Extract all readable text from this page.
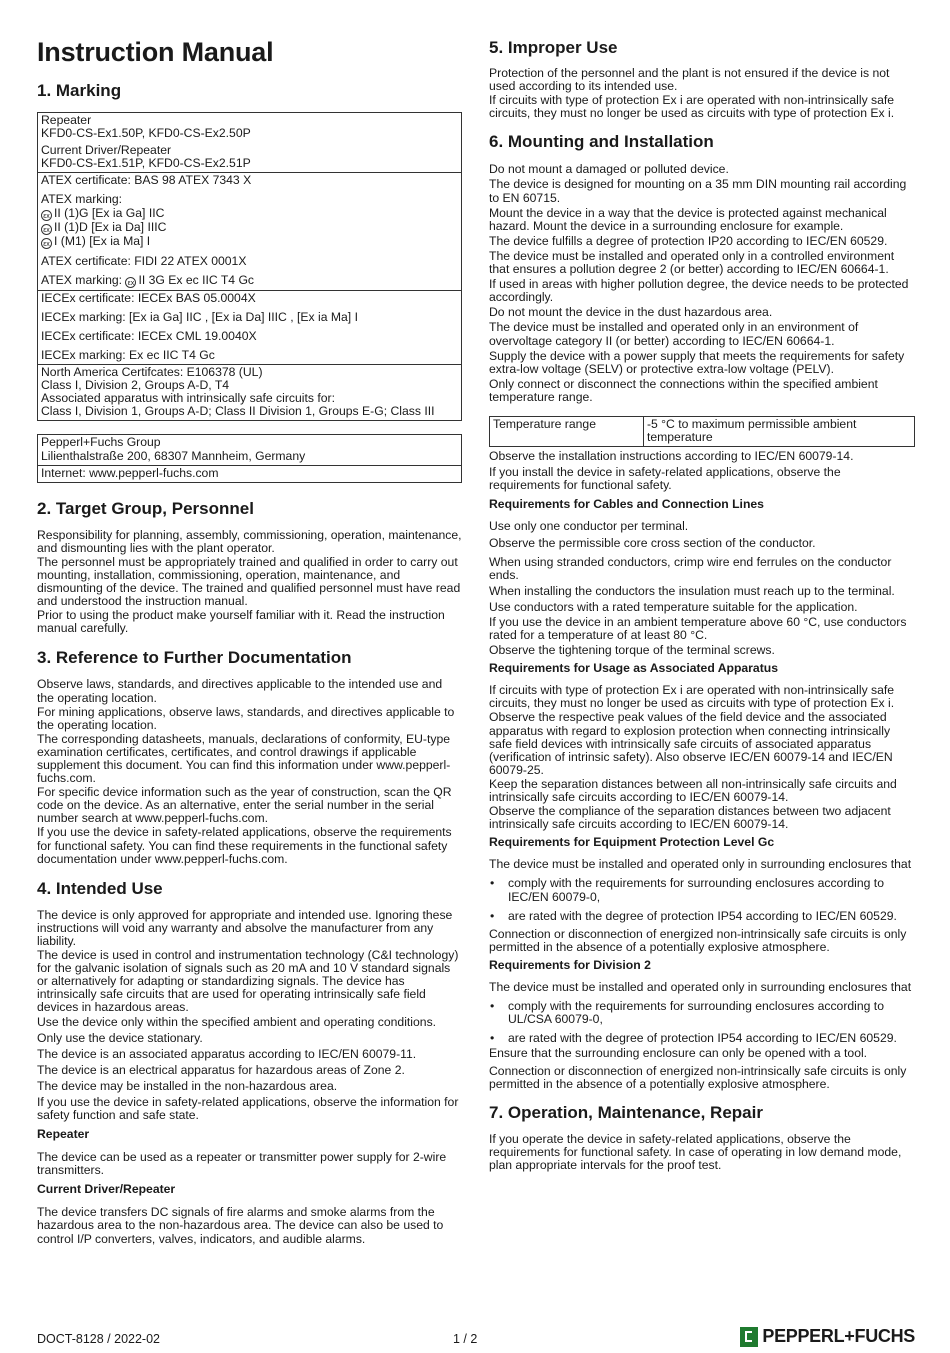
Instruction Manual
1. Marking

Repeater

KFD0-CS-Ex1.50P, KFD0-CS-Ex2.50P

Current Driver/Repeater

KFD0-CS-Ex1.51P, KFD0-CS-Ex2.51P

ATEX certificate: BAS 98 ATEX 7343 X

ATEX marking:

εx II (1)G [Ex ia Ga] IIC

εx II (1)D [Ex ia Da] IIIC

εx I (M1) [Ex ia Ma] I

ATEX certificate: FIDI 22 ATEX 0001X

ATEX marking: εx II 3G Ex ec IIC T4 Gc

IECEx certificate: IECEx BAS 05.0004X

IECEx marking: [Ex ia Ga] IIC , [Ex ia Da] IIIC , [Ex ia Ma] I

IECEx certificate: IECEx CML 19.0040X

IECEx marking: Ex ec IIC T4 Gc

North America Certifcates: E106378 (UL)

Class I, Division 2, Groups A-D, T4

Associated apparatus with intrinsically safe circuits for:

Class I, Division 1, Groups A-D; Class II Division 1, Groups E-G; Class III

Pepperl+Fuchs Group

Lilienthalstraße 200, 68307 Mannheim, Germany

Internet: www.pepperl-fuchs.com

2. Target Group, Personnel

Responsibility for planning, assembly, commissioning, operation, maintenance, and dismounting lies with the plant operator.

The personnel must be appropriately trained and qualified in order to carry out mounting, installation, commissioning, operation, maintenance, and dismounting of the device. The trained and qualified personnel must have read and understood the instruction manual.

Prior to using the product make yourself familiar with it. Read the instruction manual carefully.

3. Reference to Further Documentation

Observe laws, standards, and directives applicable to the intended use and the operating location.

For mining applications, observe laws, standards, and directives applicable to the operating location.

The corresponding datasheets, manuals, declarations of conformity, EU-type examination certificates, certificates, and control drawings if applicable supplement this document. You can find this information under www.pepperl-fuchs.com.

For specific device information such as the year of construction, scan the QR code on the device. As an alternative, enter the serial number in the serial number search at www.pepperl-fuchs.com.

If you use the device in safety-related applications, observe the requirements for functional safety. You can find these requirements in the functional safety documentation under www.pepperl-fuchs.com.

4. Intended Use

The device is only approved for appropriate and intended use. Ignoring these instructions will void any warranty and absolve the manufacturer from any liability.

The device is used in control and instrumentation technology (C&I technology) for the galvanic isolation of signals such as 20 mA and 10 V standard signals or alternatively for adapting or standardizing signals. The device has intrinsically safe circuits that are used for operating intrinsically safe field devices in hazardous areas.

Use the device only within the specified ambient and operating conditions.

Only use the device stationary.

The device is an associated apparatus according to IEC/EN 60079-11.

The device is an electrical apparatus for hazardous areas of Zone 2.

The device may be installed in the non-hazardous area.

If you use the device in safety-related applications, observe the information for safety function and safe state.

Repeater

The device can be used as a repeater or transmitter power supply for 2-wire transmitters.

Current Driver/Repeater

The device transfers DC signals of fire alarms and smoke alarms from the hazardous area to the non-hazardous area. The device can also be used to control I/P converters, valves, indicators, and audible alarms.

5. Improper Use

Protection of the personnel and the plant is not ensured if the device is not used according to its intended use.

If circuits with type of protection Ex i are operated with non-intrinsically safe circuits, they must no longer be used as circuits with type of protection Ex i.

6. Mounting and Installation

Do not mount a damaged or polluted device.

The device is designed for mounting on a 35 mm DIN mounting rail according to EN 60715.

Mount the device in a way that the device is protected against mechanical hazard. Mount the device in a surrounding enclosure for example.

The device fulfills a degree of protection IP20 according to IEC/EN 60529.

The device must be installed and operated only in a controlled environment that ensures a pollution degree 2 (or better) according to IEC/EN 60664-1.

If used in areas with higher pollution degree, the device needs to be protected accordingly.

Do not mount the device in the dust hazardous area.

The device must be installed and operated only in an environment of overvoltage category II (or better) according to IEC/EN 60664-1.

Supply the device with a power supply that meets the requirements for safety extra-low voltage (SELV) or protective extra-low voltage (PELV).

Only connect or disconnect the connections within the specified ambient temperature range.

Temperature range	-5 °C to maximum permissible ambient temperature

Observe the installation instructions according to IEC/EN 60079-14.

If you install the device in safety-related applications, observe the requirements for functional safety.

Requirements for Cables and Connection Lines

Use only one conductor per terminal.

Observe the permissible core cross section of the conductor.

When using stranded conductors, crimp wire end ferrules on the conductor ends.

When installing the conductors the insulation must reach up to the terminal.

Use conductors with a rated temperature suitable for the application.

If you use the device in an ambient temperature above 60 °C, use conductors rated for a temperature of at least 80 °C.

Observe the tightening torque of the terminal screws.

Requirements for Usage as Associated Apparatus

If circuits with type of protection Ex i are operated with non-intrinsically safe circuits, they must no longer be used as circuits with type of protection Ex i.

Observe the respective peak values of the field device and the associated apparatus with regard to explosion protection when connecting intrinsically safe field devices with intrinsically safe circuits of associated apparatus (verification of intrinsic safety). Also observe IEC/EN 60079-14 and IEC/EN 60079-25.

Keep the separation distances between all non-intrinsically safe circuits and intrinsically safe circuits according to IEC/EN 60079-14.

Observe the compliance of the separation distances between two adjacent intrinsically safe circuits according to IEC/EN 60079-14.

Requirements for Equipment Protection Level Gc

The device must be installed and operated only in surrounding enclosures that

• comply with the requirements for surrounding enclosures according to IEC/EN 60079-0,
• are rated with the degree of protection IP54 according to IEC/EN 60529.

Connection or disconnection of energized non-intrinsically safe circuits is only permitted in the absence of a potentially explosive atmosphere.

Requirements for Division 2

The device must be installed and operated only in surrounding enclosures that

• comply with the requirements for surrounding enclosures according to UL/CSA 60079-0,
• are rated with the degree of protection IP54 according to IEC/EN 60529.

Ensure that the surrounding enclosure can only be opened with a tool.

Connection or disconnection of energized non-intrinsically safe circuits is only permitted in the absence of a potentially explosive atmosphere.

7. Operation, Maintenance, Repair

If you operate the device in safety-related applications, observe the requirements for functional safety. In case of operating in low demand mode, plan appropriate intervals for the proof test.

DOCT-8128 / 2022-02	1 / 2	PEPPERL+FUCHS
